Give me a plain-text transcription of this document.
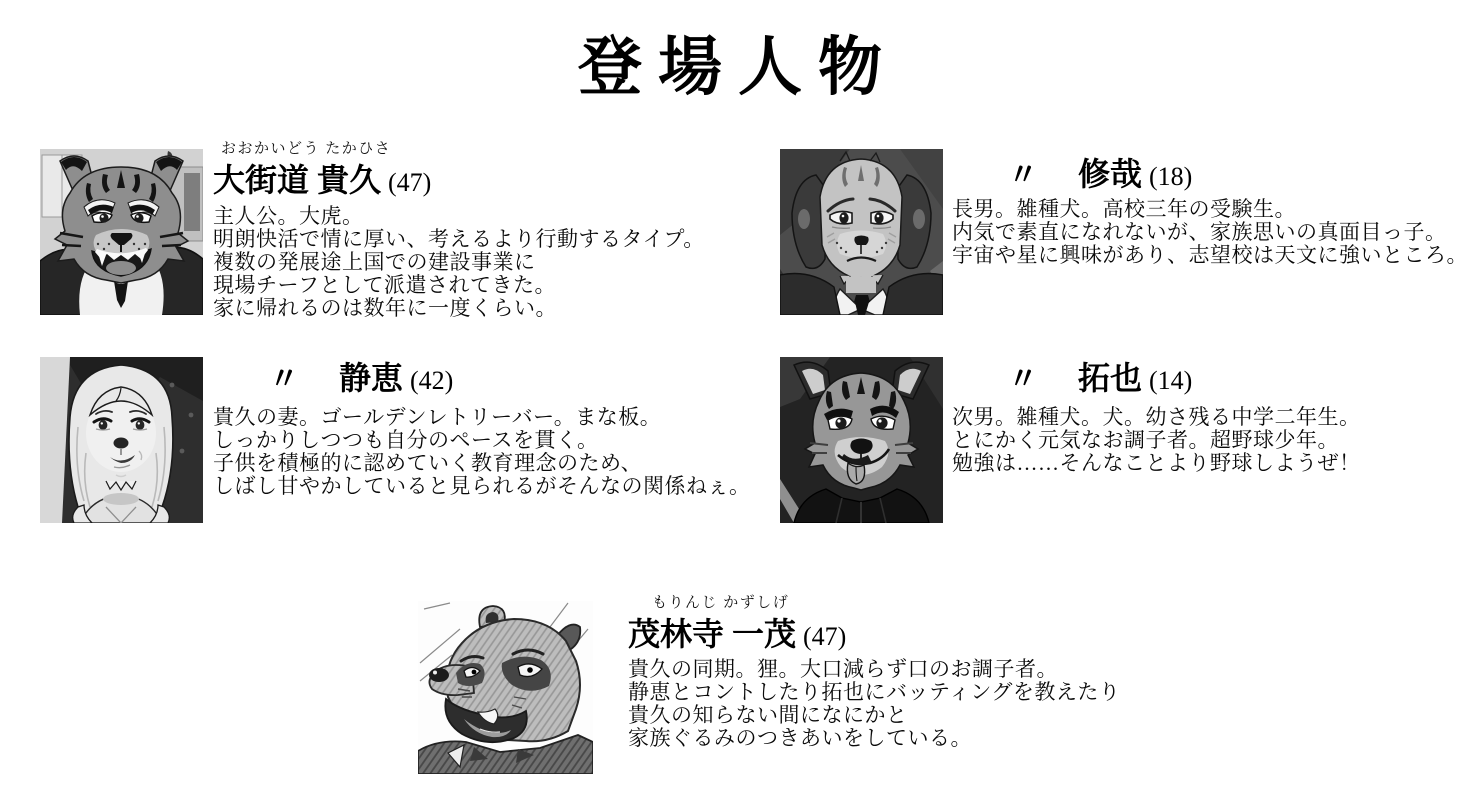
登場人物
おおかいどう たかひさ
大街道 貴久 (47)
主人公。大虎。
明朗快活で情に厚い、考えるより行動するタイプ。
複数の発展途上国での建設事業に
現場チーフとして派遣されてきた。
家に帰れるのは数年に一度くらい。
〃 修哉 (18)
長男。雑種犬。高校三年の受験生。
内気で素直になれないが、家族思いの真面目っ子。
宇宙や星に興味があり、志望校は天文に強いところ。
〃 静恵 (42)
貴久の妻。ゴールデンレトリーバー。まな板。
しっかりしつつも自分のペースを貫く。
子供を積極的に認めていく教育理念のため、
しばし甘やかしていると見られるがそんなの関係ねぇ。
〃 拓也 (14)
次男。雑種犬。犬。幼さ残る中学二年生。
とにかく元気なお調子者。超野球少年。
勉強は……そんなことより野球しようぜ！
もりんじ かずしげ
茂林寺 一茂 (47)
貴久の同期。狸。大口減らず口のお調子者。
静恵とコントしたり拓也にバッティングを教えたり
貴久の知らない間になにかと
家族ぐるみのつきあいをしている。
